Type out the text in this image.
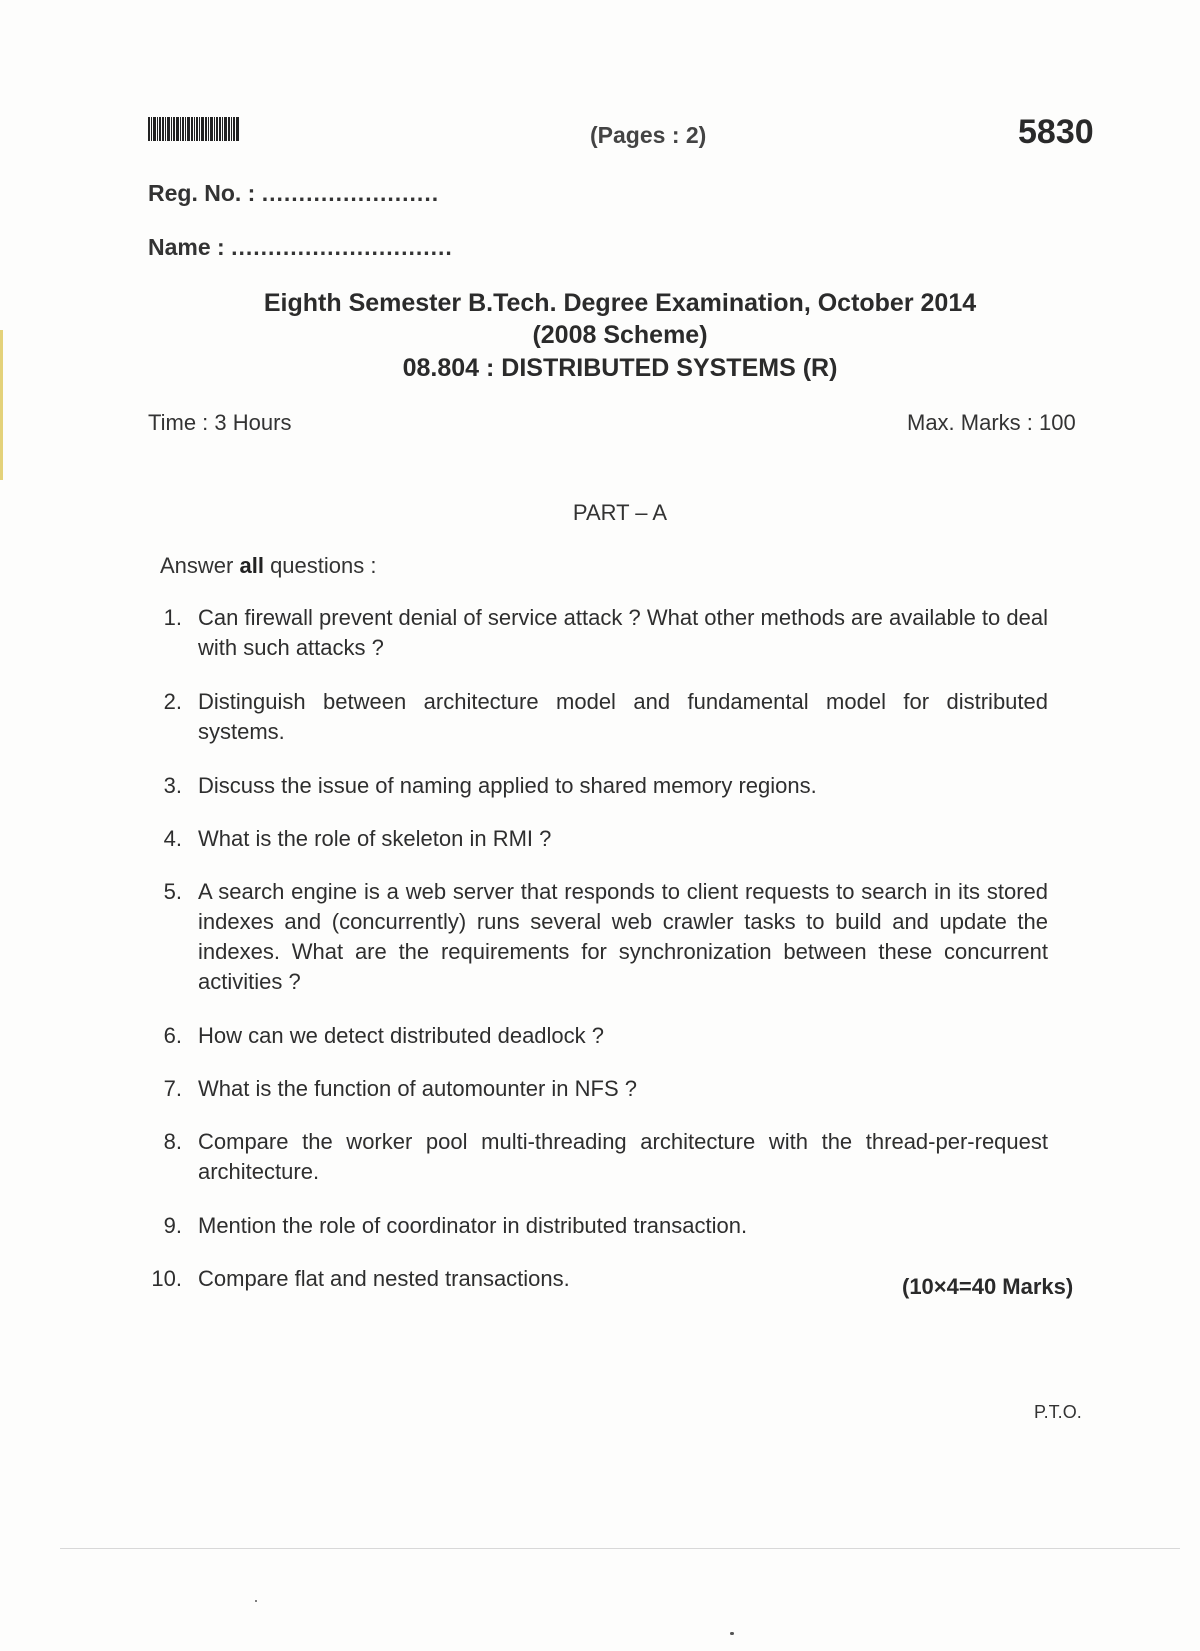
(Pages : 2)	5830
Reg. No. : ........................
Name : ..............................
Eighth Semester B.Tech. Degree Examination, October 2014
(2008 Scheme)
08.804 : DISTRIBUTED SYSTEMS (R)
Time : 3 Hours	Max. Marks : 100
PART – A
Answer all questions :
1. Can firewall prevent denial of service attack ? What other methods are available to deal with such attacks ?
2. Distinguish between architecture model and fundamental model for distributed systems.
3. Discuss the issue of naming applied to shared memory regions.
4. What is the role of skeleton in RMI ?
5. A search engine is a web server that responds to client requests to search in its stored indexes and (concurrently) runs several web crawler tasks to build and update the indexes. What are the requirements for synchronization between these concurrent activities ?
6. How can we detect distributed deadlock ?
7. What is the function of automounter in NFS ?
8. Compare the worker pool multi-threading architecture with the thread-per-request architecture.
9. Mention the role of coordinator in distributed transaction.
10. Compare flat and nested transactions.	(10×4=40 Marks)
P.T.O.
